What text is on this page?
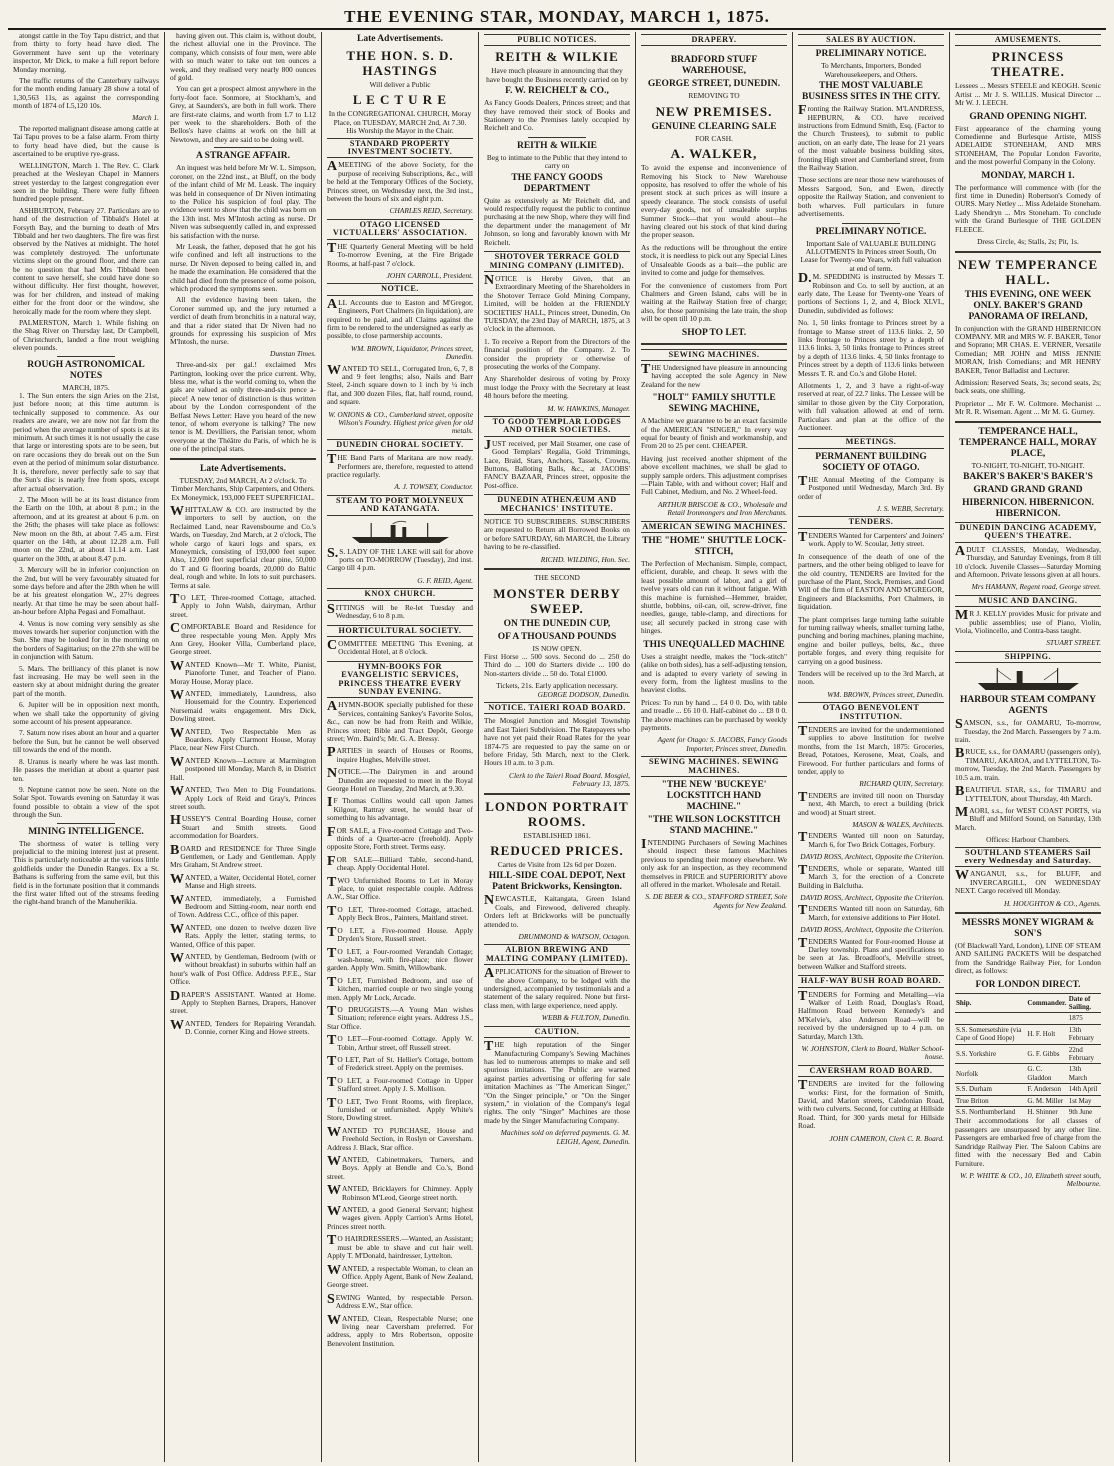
THE EVENING STAR, MONDAY, MARCH 1, 1875.

atongst cattle in the Toy Tapu district, and that from thirty to forty head have died. The Government have sent up the veterinary inspector, Mr Dick, to make a full report before Monday morning.

The traffic returns of the Canterbury railways for the month ending January 28 show a total of 1,30,563 11s, as against the corresponding month of 1874 of L5,120 10s.

March 1.

The reported malignant disease among cattle at Tai Tapu proves to be a false alarm. From thirty to forty head have died, but the cause is ascertained to be eruptive rye-grass.

WELLINGTON, March 1. The Rev. C. Clark preached at the Wesleyan Chapel in Manners street yesterday to the largest congregation ever seen in the building. There were fully fifteen hundred people present.

ASHBURTON, February 27. Particulars are to hand of the destruction of Tibbald's Hotel at Forsyth Bay, and the burning to death of Mrs Tibbald and her two daughters. The fire was first observed by the Natives at midnight. The hotel was completely destroyed. The unfortunate victims slept on the ground floor, and there can be no question that had Mrs Tibbald been content to save herself, she could have done so without difficulty. Her first thought, however, was for her children, and instead of making either for the front door or the window, she heroically made for the room where they slept.

PALMERSTON, March 1. While fishing on the Shag River on Thursday last, Dr Campbell, of Christchurch, landed a fine trout weighing eleven pounds.

ROUGH ASTRONOMICAL NOTES
MARCH, 1875.

1. The Sun enters the sign Aries on the 21st, just before noon; at this time autumn is technically supposed to commence. As our readers are aware, we are now not far from the period when the average number of spots is at its minimum. At such times it is not usually the case that large or interesting spots are to be seen, but on rare occasions they do break out on the Sun even at the period of minimum solar disturbance. It is, therefore, never perfectly safe to say that the Sun's disc is nearly free from spots, except after actual observation.

2. The Moon will be at its least distance from the Earth on the 10th, at about 8 p.m.; in the afternoon, and at its greatest at about 6 p.m. on the 26th; the phases will take place as follows: New moon on the 8th, at about 7.45 a.m. First quarter on the 14th, at about 12.28 a.m. Full moon on the 22nd, at about 11.14 a.m. Last quarter on the 30th, at about 8.47 p.m.

3. Mercury will be in inferior conjunction on the 2nd, but will be very favourably situated for some days before and after the 28th when he will be at his greatest elongation W., 27½ degrees nearly. At that time he may be seen about half-an-hour before Alpha Pegasi and Fomalhaut.

4. Venus is now coming very sensibly as she moves towards her superior conjunction with the Sun. She may be looked for in the morning on the borders of Sagittarius; on the 27th she will be in conjunction with Saturn.

5. Mars. The brilliancy of this planet is now fast increasing. He may be well seen in the eastern sky at about midnight during the greater part of the month.

6. Jupiter will be in opposition next month, when we shall take the opportunity of giving some account of his present appearance.

7. Saturn now rises about an hour and a quarter before the Sun, but he cannot be well observed till towards the end of the month.

8. Uranus is nearly where he was last month. He passes the meridian at about a quarter past ten.

9. Neptune cannot now be seen. Note on the Solar Spot. Towards evening on Saturday it was found possible to obtain a view of the spot through the Sun.

MINING INTELLIGENCE.

The shortness of water is telling very prejudicial to the mining interest just at present. This is particularly noticeable at the various little goldfields under the Dunedin Ranges. Ex a St. Bathans is suffering from the same evil, but this field is in the fortunate position that it commands the first water lifted out of the streams feeding the right-hand branch of the Manuherikia.

having given out. This claim is, without doubt, the richest alluvial one in the Province. The company, which consists of four men, were able with so much water to take out ten ounces a week, and they realised very nearly 800 ounces of gold.

You can get a prospect almost anywhere in the forty-foot face. Sonmore, at Stockham's, and Grey, at Saunders's, are both in full work. There are first-rate claims, and worth from L7 to L12 per week to the shareholders. Both of the Bellos's have claims at work on the hill at Newtown, and they are said to be doing well.

A STRANGE AFFAIR.

An inquest was held before Mr W. L. Simpson, coroner, on the 22nd inst., at Bluff, on the body of the infant child of Mr M. Leask. The inquiry was held in consequence of Dr Niven intimating to the Police his suspicion of foul play. The evidence went to show that the child was born on the 13th inst. Mrs M'Intosh acting as nurse. Dr Niven was subsequently called in, and expressed his satisfaction with the nurse.

Mr Leask, the father, deposed that he got his wife confined and left all instructions to the nurse. Dr Niven deposed to being called in, and he made the examination. He considered that the child had died from the presence of some poison, which produced the symptoms seen.

All the evidence having been taken, the Coroner summed up, and the jury returned a verdict of death from bronchitis in a natural way, and that a rider stated that Dr Niven had no grounds for expressing his suspicion of Mrs M'Intosh, the nurse.

Dunstan Times.

Three-and-six per gal.! exclaimed Mrs Partington, looking over the price current. Why, bless me, what is the world coming to, when the gals are valued as only three-and-six pence a-piece! A new tenor of distinction is thus written about by the London correspondent of the Belfast News Letter: Have you heard of the new tenor, of whom everyone is talking? The new tenor is M. Devilliers, the Parisian tenor, whom everyone at the Théâtre du Paris, of which he is one of the principal stars.

Late Advertisements.
TUESDAY, 2nd MARCH, At 2 o'clock. To Timber Merchants, Ship Carpenters, and Others. Ex Moneymick, 193,000 FEET SUPERFICIAL.
WHITTALAW & CO. are instructed by the importers to sell by auction, on the Reclaimed Land, near Ravensbourne and Co.'s Wards, on Tuesday, 2nd March, at 2 o'clock, The whole cargo of kauri logs and spars, ex Moneymick, consisting of 193,000 feet super. Also, 12,000 feet superficial clear pine, 50,000 do T and G flooring boards, 20,000 do Baltic deal, rough and white. In lots to suit purchasers. Terms at sale.
TO LET, Three-roomed Cottage, attached. Apply to John Walsh, dairyman, Arthur street.
COMFORTABLE Board and Residence for three respectable young Men. Apply Mrs Ann Grey, Hooker Villa, Cumberland place, George street.
WANTED Known—Mr T. White, Pianist, Pianoforte Tuner, and Teacher of Piano. Moray House, Moray place.
WANTED, immediately, Laundress, also Housemaid for the Country. Experienced Nursemaid waits engagement. Mrs Dick, Dowling street.
WANTED, Two Respectable Men as Boarders. Apply Clarmont House, Moray Place, near New First Church.
WANTED Known—Lecture at Marmington postponed till Monday, March 8, in District Hall.
WANTED, Two Men to Dig Foundations. Apply Lock of Reid and Gray's, Princes street south.
HUSSEY'S Central Boarding House, corner Stuart and Smith streets. Good accommodation for Boarders.
BOARD and RESIDENCE for Three Single Gentlemen, or Lady and Gentleman. Apply Mrs Graham, St Andrew street.
WANTED, a Waiter, Occidental Hotel, corner Manse and High streets.
WANTED, immediately, a Furnished Bedroom and Sitting-room, near north end of Town. Address C.C., office of this paper.
WANTED, one dozen to twelve dozen live Rats. Apply the letter, stating terms, to Wanted, Office of this paper.
WANTED, by Gentleman, Bedroom (with or without breakfast) in suburbs within half an hour's walk of Post Office. Address P.F.E., Star Office.
DRAPER'S ASSISTANT. Wanted at Home. Apply to Stephen Barnes, Drapers, Hanover street.
WANTED, Tenders for Repairing Verandah. D. Connie, corner King and Howe streets.
Late Advertisements.
THE HON. S. D. HASTINGS
Will deliver a Public
L E C T U R E
In the CONGREGATIONAL CHURCH, Moray Place, on TUESDAY, MARCH 2nd, At 7.30.
His Worship the Mayor in the Chair.
STANDARD PROPERTY INVESTMENT SOCIETY.
AMEETING of the above Society, for the purpose of receiving Subscriptions, &c., will be held at the Temporary Offices of the Society, Princes street, on Wednesday next, the 3rd inst., between the hours of six and eight p.m.
CHARLES REID, Secretary.
OTAGO LICENSED VICTUALLERS' ASSOCIATION.
THE Quarterly General Meeting will be held To-morrow Evening, at the Fire Brigade Rooms, at half-past 7 o'clock.
JOHN CARROLL, President.
NOTICE.
ALL Accounts due to Easton and M'Gregor, Engineers, Port Chalmers (in liquidation), are required to be paid, and all Claims against the firm to be rendered to the undersigned as early as possible, to close partnership accounts.
WM. BROWN, Liquidator, Princes street, Dunedin.
WANTED TO SELL, Corrugated Iron, 6, 7, 8 and 9 feet lengths; also, Nails and Barr Steel, 2-inch square down to 1 inch by ¼ inch flat, and 300 dozen Files, flat, half round, round, and square.
W. ONIONS & CO., Cumberland street, opposite Wilson's Foundry. Highest price given for old metals.
DUNEDIN CHORAL SOCIETY.
THE Band Parts of Maritana are now ready. Performers are, therefore, requested to attend practice regularly.
A. J. TOWSEY, Conductor.
STEAM TO PORT MOLYNEUX AND KATANGATA.
S.S. LADY OF THE LAKE will sail for above ports on TO-MORROW (Tuesday), 2nd inst. Cargo till 4 p.m.
G. F. REID, Agent.
KNOX CHURCH.
SITTINGS will be Re-let Tuesday and Wednesday, 6 to 8 p.m.
HORTICULTURAL SOCIETY.
COMMITTEE MEETING This Evening, at Occidental Hotel, at 8 o'clock.
HYMN-BOOKS FOR EVANGELISTIC SERVICES, PRINCESS THEATRE EVERY SUNDAY EVENING.
AHYMN-BOOK specially published for these Services, containing Sankey's Favorite Solos, &c., can now be had from Reith and Wilkie, Princes street; Bible and Tract Depôt, George street; Wm. Baird's; Mr. G. A. Bressy.
PARTIES in search of Houses or Rooms, inquire Hughes, Melville street.
NOTICE.—The Dairymen in and around Dunedin are requested to meet in the Royal George Hotel on Tuesday, 2nd March, at 9.30.
IF Thomas Collins would call upon James Kilgour, Rattray street, he would hear of something to his advantage.
FOR SALE, a Five-roomed Cottage and Two-thirds of a Quarter-acre (freehold). Apply opposite Store, Forth street. Terms easy.
FOR SALE—Billiard Table, second-hand, cheap. Apply Occidental Hotel.
TWO Unfurnished Rooms to Let in Moray place, to quiet respectable couple. Address A.W., Star Office.
TO LET, Three-roomed Cottage, attached. Apply Beck Bros., Painters, Maitland street.
TO LET, a Five-roomed House. Apply Dryden's Store, Russell street.
TO LET, a Four-roomed Verandah Cottage; wash-house, with fire-place; nice flower garden. Apply Wm. Smith, Willowbank.
TO LET, Furnished Bedroom, and use of kitchen, married couple or two single young men. Apply Mr Lock, Arcade.
TO DRUGGISTS.—A Young Man wishes Situation; reference eight years. Address J.S., Star Office.
TO LET—Four-roomed Cottage. Apply W. Tobin, Arthur street, off Russell street.
TO LET, Part of St. Hellier's Cottage, bottom of Frederick street. Apply on the premises.
TO LET, a Four-roomed Cottage in Upper Stafford street. Apply J. S. Mollison.
TO LET, Two Front Rooms, with fireplace, furnished or unfurnished. Apply White's Store, Dowling street.
WANTED TO PURCHASE, House and Freehold Section, in Roslyn or Caversham. Address J. Black, Star office.
WANTED, Cabinetmakers, Turners, and Boys. Apply at Bendle and Co.'s, Bond street.
WANTED, Bricklayers for Chimney. Apply Robinson M'Leod, George street north.
WANTED, a good General Servant; highest wages given. Apply Carrion's Arms Hotel, Princes street north.
TO HAIRDRESSERS.—Wanted, an Assistant; must be able to shave and cut hair well. Apply T. M'Donald, hairdresser, Lyttelton.
WANTED, a respectable Woman, to clean an Office. Apply Agent, Bank of New Zealand, George street.
SEWING Wanted, by respectable Person. Address E.W., Star office.
WANTED, Clean, Respectable Nurse; one living near Caversham preferred. For address, apply to Mrs Robertson, opposite Benevolent Institution.
PUBLIC NOTICES.
REITH & WILKIE
Have much pleasure in announcing that they have bought the Business recently carried on by
F. W. REICHELT & CO.,
As Fancy Goods Dealers, Princes street; and that they have removed their stock of Books and Stationery to the Premises lately occupied by Reichelt and Co.
REITH & WILKIE
Beg to intimate to the Public that they intend to carry on
THE FANCY GOODS DEPARTMENT
Quite as extensively as Mr Reichelt did, and would respectfully request the public to continue purchasing at the new Shop, where they will find the department under the management of Mr Johnson, so long and favorably known with Mr Reichelt.
SHOTOVER TERRACE GOLD MINING COMPANY (LIMITED).
NOTICE is Hereby Given, that an Extraordinary Meeting of the Shareholders in the Shotover Terrace Gold Mining Company, Limited, will be holden at the FRIENDLY SOCIETIES' HALL, Princes street, Dunedin, On TUESDAY, the 23rd Day of MARCH, 1875, at 3 o'clock in the afternoon.
1. To receive a Report from the Directors of the financial position of the Company. 2. To consider the propriety or otherwise of prosecuting the works of the Company.
Any Shareholder desirous of voting by Proxy must lodge the Proxy with the Secretary at least 48 hours before the meeting.
M. W. HAWKINS, Manager.
TO GOOD TEMPLAR LODGES AND OTHER SOCIETIES.
JUST received, per Mail Steamer, one case of Good Templars' Regalia, Gold Trimmings, Lace, Braid, Stars, Anchors, Tassels, Crowns, Buttons, Balloting Balls, &c., at JACOBS' FANCY BAZAAR, Princes street, opposite the Post-office.
DUNEDIN ATHENÆUM AND MECHANICS' INSTITUTE.
NOTICE TO SUBSCRIBERS. SUBSCRIBERS are requested to Return all Borrowed Books on or before SATURDAY, 6th MARCH, the Library having to be re-classified.
RICHD. WILDING, Hon. Sec.
THE SECOND
MONSTER DERBY SWEEP.
ON THE DUNEDIN CUP,
OF A THOUSAND POUNDS
IS NOW OPEN.
First Horse ... 500 sovs. Second do ... 250 do Third do ... 100 do Starters divide ... 100 do Non-starters divide ... 50 do. Total £1000.
Tickets, 21s. Early application necessary.
GEORGE DODSON, Dunedin.
NOTICE. TAIERI ROAD BOARD.
The Mosgiel Junction and Mosgiel Township and East Taieri Subdivision. The Ratepayers who have not yet paid their Road Rates for the year 1874-75 are requested to pay the same on or before Friday, 5th March, next to the Clerk. Hours 10 a.m. to 3 p.m.
Clerk to the Taieri Road Board. Mosgiel, February 13, 1875.
LONDON PORTRAIT ROOMS.
ESTABLISHED 1861.
REDUCED PRICES.
Cartes de Visite from 12s 6d per Dozen.
HILL-SIDE COAL DEPOT, Next Patent Brickworks, Kensington.
NEWCASTLE, Kaitangata, Green Island Coals, and Firewood, delivered cheaply. Orders left at Brickworks will be punctually attended to.
DRUMMOND & WATSON, Octagon.
ALBION BREWING AND MALTING COMPANY (LIMITED).
APPLICATIONS for the situation of Brewer to the above Company, to be lodged with the undersigned, accompanied by testimonials and a statement of the salary required. None but first-class men, with large experience, need apply.
WEBB & FULTON, Dunedin.
CAUTION.
THE high reputation of the Singer Manufacturing Company's Sewing Machines has led to numerous attempts to make and sell spurious imitations. The Public are warned against parties advertising or offering for sale imitation Machines as "The American Singer," "On the Singer principle," or "On the Singer system," in violation of the Company's legal rights. The only "Singer" Machines are those made by the Singer Manufacturing Company.
Machines sold on deferred payments. G. M. LEIGH, Agent, Dunedin.
DRAPERY.
BRADFORD STUFF WAREHOUSE,
GEORGE STREET, DUNEDIN.
REMOVING TO
NEW PREMISES.
GENUINE CLEARING SALE
FOR CASH.
A. WALKER,
To avoid the expense and inconvenience of Removing his Stock to New Warehouse opposite, has resolved to offer the whole of his present stock at such prices as will insure a speedy clearance. The stock consists of useful every-day goods, not of unsaleable surplus Summer Stock—that you would about—he having cleared out his stock of that kind during the proper season.
As the reductions will be throughout the entire stock, it is needless to pick out any Special Lines of Unsaleable Goods as a bait—the public are invited to come and judge for themselves.
For the convenience of customers from Port Chalmers and Green Island, cabs will be in waiting at the Railway Station free of charge; also, for those patronising the late train, the shop will be open till 10 p.m.
SHOP TO LET.
SEWING MACHINES.
THE Undersigned have pleasure in announcing having accepted the sole Agency in New Zealand for the new
"HOLT" FAMILY SHUTTLE SEWING MACHINE,
A Machine we guarantee to be an exact facsimile of the AMERICAN "SINGER," In every way equal for beauty of finish and workmanship, and From 20 to 25 per cent. CHEAPER.
Having just received another shipment of the above excellent machines, we shall be glad to supply sample orders. This adjustment comprises—Plain Table, with and without cover; Half and Full Cabinet, Medium, and No. 2 Wheel-feed.
ARTHUR BRISCOE & CO., Wholesale and Retail Ironmongers and Iron Merchants.
AMERICAN SEWING MACHINES.
THE "HOME" SHUTTLE LOCK-STITCH,
The Perfection of Mechanism. Simple, compact, efficient, durable, and cheap. It sews with the least possible amount of labor, and a girl of twelve years old can run it without fatigue. With this machine is furnished—Hemmer, braider, shuttle, bobbins, oil-can, oil, screw-driver, fine needles, gauge, table-clamp, and directions for use; all securely packed in strong case with hinges.
THIS UNEQUALLED MACHINE
Uses a straight needle, makes the "lock-stitch" (alike on both sides), has a self-adjusting tension, and is adapted to every variety of sewing in every form, from the lightest muslins to the heaviest cloths.
Prices: To run by hand ... £4 0 0. Do, with table and treadle ... £6 10 0. Half-cabinet do ... £8 0 0. The above machines can be purchased by weekly payments.
Agent for Otago: S. JACOBS, Fancy Goods Importer, Princes street, Dunedin.
SEWING MACHINES. SEWING MACHINES.
"THE NEW 'BUCKEYE' LOCKSTITCH HAND MACHINE."
"THE WILSON LOCKSTITCH STAND MACHINE."
INTENDING Purchasers of Sewing Machines should inspect these famous Machines previous to spending their money elsewhere. We only ask for an inspection, as they recommend themselves in PRICE and SUPERIORITY above all offered in the market. Wholesale and Retail.
S. DE BEER & CO., STAFFORD STREET, Sole Agents for New Zealand.
SALES BY AUCTION.
PRELIMINARY NOTICE.
To Merchants, Importers, Bonded Warehousekeepers, and Others.
THE MOST VALUABLE BUSINESS SITES IN THE CITY.
Fronting the Railway Station. M'LANDRESS, HEPBURN, & CO. have received instructions from Edmund Smith, Esq. (Factor to the Church Trustees), to submit to public auction, on an early date, The lease for 21 years of the most valuable business building sites, fronting High street and Cumberland street, from the Railway Station.
Those sections are near those new warehouses of Messrs Sargood, Son, and Ewen, directly opposite the Railway Station, and convenient to both wharves. Full particulars in future advertisements.
PRELIMINARY NOTICE.
Important Sale of VALUABLE BUILDING ALLOTMENTS In Princes street South, On Lease for Twenty-one Years, with full valuation at end of term.
D.M. SPEDDING is instructed by Messrs T. Robinson and Co. to sell by auction, at an early date, The Lease for Twenty-one Years of portions of Sections 1, 2, and 4, Block XLVI., Dunedin, subdivided as follows:
No. 1, 50 links frontage to Princes street by a frontage to Manse street of 113.6 links. 2, 50 links frontage to Princes street by a depth of 113.6 links. 3, 50 links frontage to Princes street by a depth of 113.6 links. 4, 50 links frontage to Princes street by a depth of 113.6 links between Messrs T. R. and Co.'s and Globe Hotel.
Allotments 1, 2, and 3 have a right-of-way reserved at rear, of 22.7 links. The Lessee will be similar to those given by the City Corporation, with full valuation allowed at end of term. Particulars and plan at the office of the Auctioneer.
MEETINGS.
PERMANENT BUILDING SOCIETY OF OTAGO.
THE Annual Meeting of the Company is Postponed until Wednesday, March 3rd. By order of
J. S. WEBB, Secretary.
TENDERS.
TENDERS Wanted for Carpenters' and Joiners' work. Apply to W. Scoular, Jetty street.
In consequence of the death of one of the partners, and the other being obliged to leave for the old country, TENDERS are Invited for the purchase of the Plant, Stock, Premises, and Good Will of the firm of EASTON AND M'GREGOR, Engineers and Blacksmiths, Port Chalmers, in liquidation.
The plant comprises large turning lathe suitable for turning railway wheels, smaller turning lathe, punching and boring machines, planing machine, engine and boiler pulleys, belts, &c., three portable forges, and every thing requisite for carrying on a good business.
Tenders will be received up to the 3rd March, at noon.
WM. BROWN, Princes street, Dunedin.
OTAGO BENEVOLENT INSTITUTION.
TENDERS are invited for the undermentioned supplies to above Institution for twelve months, from the 1st March, 1875: Groceries, Bread, Potatoes, Kerosene, Meat, Coals, and Firewood. For further particulars and forms of tender, apply to
RICHARD QUIN, Secretary.
TENDERS are invited till noon on Thursday next, 4th March, to erect a building (brick and wood) at Stuart street.
MASON & WALES, Architects.
TENDERS Wanted till noon on Saturday, March 6, for Two Brick Cottages, Forbury.
DAVID ROSS, Architect, Opposite the Criterion.
TENDERS, whole or separate, Wanted till March 3, for the erection of a Concrete Building in Balclutha.
DAVID ROSS, Architect, Opposite the Criterion.
TENDERS Wanted till noon on Saturday, 6th March, for extensive additions to Pier Hotel.
DAVID ROSS, Architect, Opposite the Criterion.
TENDERS Wanted for Four-roomed House at Darley township. Plans and specifications to be seen at Jas. Broadfoot's, Melville street, between Walker and Stafford streets.
HALF-WAY BUSH ROAD BOARD.
TENDERS for Forming and Metalling—via Walker of Leith Road, Douglas's Road, Halfmoon Road between Kennedy's and M'Kelvie's, also Anderson Road—will be received by the undersigned up to 4 p.m. on Saturday, March 13th.
W. JOHNSTON, Clerk to Board, Walker School-house.
CAVERSHAM ROAD BOARD.
TENDERS are invited for the following works: First, for the formation of Smith, David, and Marion streets, Caledonian Road, with two culverts. Second, for cutting at Hillside Road. Third, for 300 yards metal for Hillside Road.
JOHN CAMERON, Clerk C. R. Board.
AMUSEMENTS.
PRINCESS THEATRE.
Lessees ... Messrs STEELE and KEOGH. Scenic Artist ... Mr J. S. WILLIS. Musical Director ... Mr W. J. LEECH.
GRAND OPENING NIGHT.
First appearance of the charming young Comedienne and Burlesque Artiste, MISS ADELAIDE STONEHAM, AND MRS STONEHAM, The Popular London Favorite, and the most powerful Company in the Colony.
MONDAY, MARCH 1.
The performance will commence with (for the first time in Dunedin) Robertson's Comedy of OURS. Mary Netley ... Miss Adelaide Stoneham. Lady Shendryn ... Mrs Stoneham. To conclude with the Grand Burlesque of THE GOLDEN FLEECE.
Dress Circle, 4s; Stalls, 2s; Pit, 1s.
NEW TEMPERANCE HALL.
THIS EVENING, ONE WEEK ONLY. BAKER'S GRAND PANORAMA OF IRELAND,
In conjunction with the GRAND HIBERNICON COMPANY. MR and MRS W. F. BAKER, Tenor and Soprano; MR CHAS. E. VERNER, Versatile Comedian; MR JOHN and MISS JENNIE MORAN, Irish Comedians; and MR HENRY BAKER, Tenor Balladist and Lecturer.
Admission: Reserved Seats, 3s; second seats, 2s; back seats, one shilling.
Proprietor ... Mr F. W. Coltmore. Mechanist ... Mr R. R. Wiseman. Agent ... Mr M. G. Gurney.
TEMPERANCE HALL, TEMPERANCE HALL, MORAY PLACE,
TO-NIGHT, TO-NIGHT, TO-NIGHT.
BAKER'S BAKER'S BAKER'S
GRAND GRAND GRAND
HIBERNICON. HIBERNICON. HIBERNICON.
DUNEDIN DANCING ACADEMY, QUEEN'S THEATRE.
ADULT CLASSES, Monday, Wednesday, Thursday, and Saturday Evenings, from 8 till 10 o'clock. Juvenile Classes—Saturday Morning and Afternoon. Private lessons given at all hours.
Mrs HAMANN, Regent road, George street.
MUSIC AND DANCING.
MR J. KELLY provides Music for private and public assemblies; use of Piano, Violin, Viola, Violincello, and Contra-bass taught.
STUART STREET.
SHIPPING.
HARBOUR STEAM COMPANY AGENTS
SAMSON, s.s., for OAMARU, To-morrow, Tuesday, the 2nd March. Passengers by 7 a.m. train.
BRUCE, s.s., for OAMARU (passengers only), TIMARU, AKAROA, and LYTTELTON, To-morrow, Tuesday, the 2nd March. Passengers by 10.5 a.m. train.
BEAUTIFUL STAR, s.s., for TIMARU and LYTTELTON, about Thursday, 4th March.
MAORI, s.s., for WEST COAST PORTS, via Bluff and Milford Sound, on Saturday, 13th March.
Offices: Harbour Chambers.
SOUTHLAND STEAMERS Sail every Wednesday and Saturday.
WANGANUI, s.s., for BLUFF, and INVERCARGILL, ON WEDNESDAY NEXT. Cargo received till Monday.
H. HOUGHTON & CO., Agents.
MESSRS MONEY WIGRAM & SON'S
(Of Blackwall Yard, London), LINE OF STEAM AND SAILING PACKETS Will be despatched from the Sandridge Railway Pier, for London direct, as follows:
FOR LONDON DIRECT.
Ship.	Commander.	Date of Sailing.
		1875
S.S. Somersetshire (via Cape of Good Hope)	H. F. Holt	13th February
S.S. Yorkshire	G. F. Gibbs	22nd February
Norfolk	G. C. Gladdon	13th March
S.S. Durham	F. Anderson	14th April
True Briton	G. M. Miller	1st May
S.S. Northumberland	H. Shinner	9th June
Their accommodations for all classes of passengers are unsurpassed by any other line. Passengers are embarked free of charge from the Sandridge Railway Pier. The Saloon Cabins are fitted with the necessary Bed and Cabin Furniture.
W. P. WHITE & CO., 10, Elizabeth street south, Melbourne.
